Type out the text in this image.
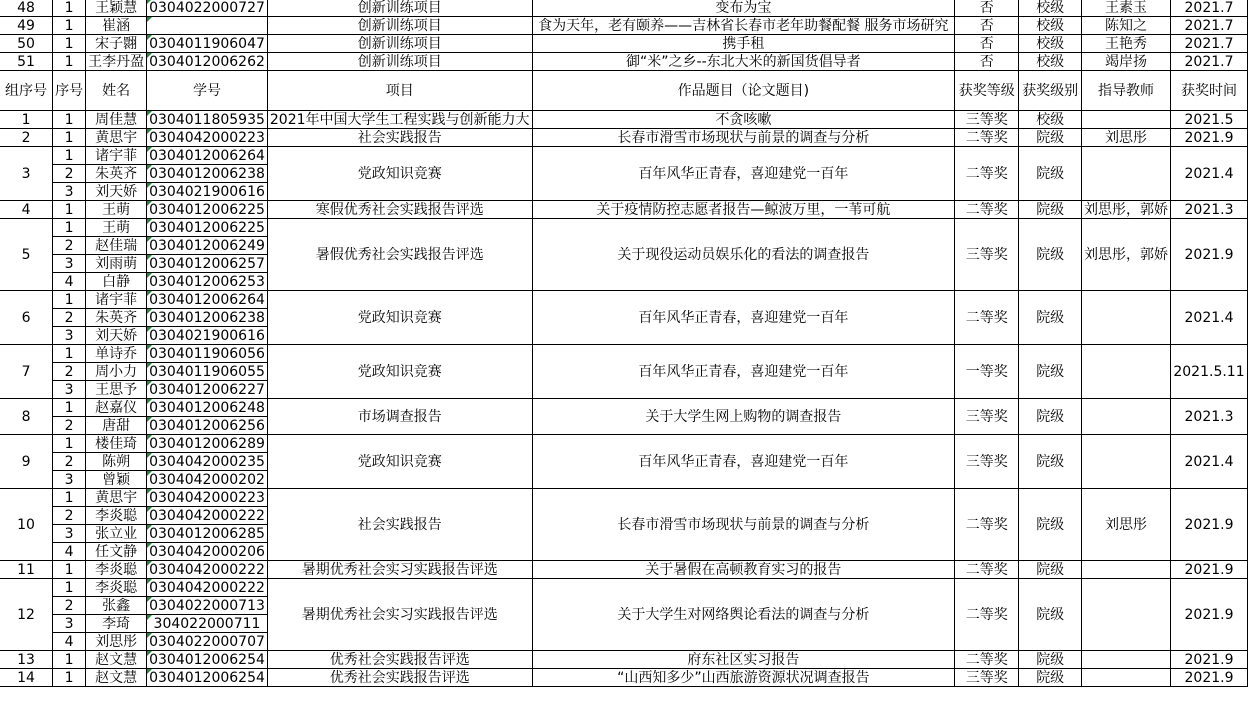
48	1	王颖慧	0304022000727	创新训练项目	变布为宝	否	校级	王素玉	2021.7
49	1	崔涵		创新训练项目	食为天年，老有颐养——吉林省长春市老年助餐配餐 服务市场研究	否	校级	陈知之	2021.7
50	1	宋子翾	0304011906047	创新训练项目	携手租	否	校级	王艳秀	2021.7
51	1	王李丹盈	0304012006262	创新训练项目	御“米”之乡--东北大米的新国货倡导者	否	校级	竭岸扬	2021.7
组序号	序号	姓名	学号	项目	作品题目（论文题目)	获奖等级	获奖级别	指导教师	获奖时间
1	1	周佳慧	0304011805935	2021年中国大学生工程实践与创新能力大	不贪咳嗽	三等奖	校级		2021.5
2	1	黄思宇	0304042000223	社会实践报告	长春市滑雪市场现状与前景的调查与分析	二等奖	院级	刘思彤	2021.9
3	1	诸宇菲	0304012006264	党政知识竞赛	百年风华正青春，喜迎建党一百年	二等奖	院级		2021.4
	2	朱英齐	0304012006238						
	3	刘天娇	0304021900616						
4	1	王萌	0304012006225	寒假优秀社会实践报告评选	关于疫情防控志愿者报告—鲸波万里，一苇可航	二等奖	院级	刘思彤，郭娇	2021.3
5	1	王萌	0304012006225	暑假优秀社会实践报告评选	关于现役运动员娱乐化的看法的调查报告	三等奖	院级	刘思彤，郭娇	2021.9
	2	赵佳瑞	0304012006249						
	3	刘雨萌	0304012006257						
	4	白静	0304012006253						
6	1	诸宇菲	0304012006264	党政知识竞赛	百年风华正青春，喜迎建党一百年	二等奖	院级		2021.4
	2	朱英齐	0304012006238						
	3	刘天娇	0304021900616						
7	1	单诗乔	0304011906056	党政知识竞赛	百年风华正青春，喜迎建党一百年	一等奖	院级		2021.5.11
	2	周小力	0304011906055						
	3	王思予	0304012006227						
8	1	赵嘉仪	0304012006248	市场调查报告	关于大学生网上购物的调查报告	三等奖	院级		2021.3
	2	唐甜	0304012006256						
9	1	楼佳琦	0304012006289	党政知识竞赛	百年风华正青春，喜迎建党一百年	三等奖	院级		2021.4
	2	陈朔	0304042000235						
	3	曾颖	0304042000202						
10	1	黄思宇	0304042000223	社会实践报告	长春市滑雪市场现状与前景的调查与分析	二等奖	院级	刘思彤	2021.9
	2	李炎聪	0304042000222						
	3	张立业	0304012006285						
	4	任文静	0304042000206						
11	1	李炎聪	0304042000222	暑期优秀社会实习实践报告评选	关于暑假在高顿教育实习的报告	二等奖	院级		2021.9
12	1	李炎聪	0304042000222	暑期优秀社会实习实践报告评选	关于大学生对网络舆论看法的调查与分析	二等奖	院级		2021.9
	2	张鑫	0304022000713						
	3	李琦	304022000711						
	4	刘思彤	0304022000707						
13	1	赵文慧	0304012006254	优秀社会实践报告评选	府东社区实习报告	二等奖	院级		2021.9
14	1	赵文慧	0304012006254	优秀社会实践报告评选	“山西知多少”山西旅游资源状况调查报告	三等奖	院级		2021.9
